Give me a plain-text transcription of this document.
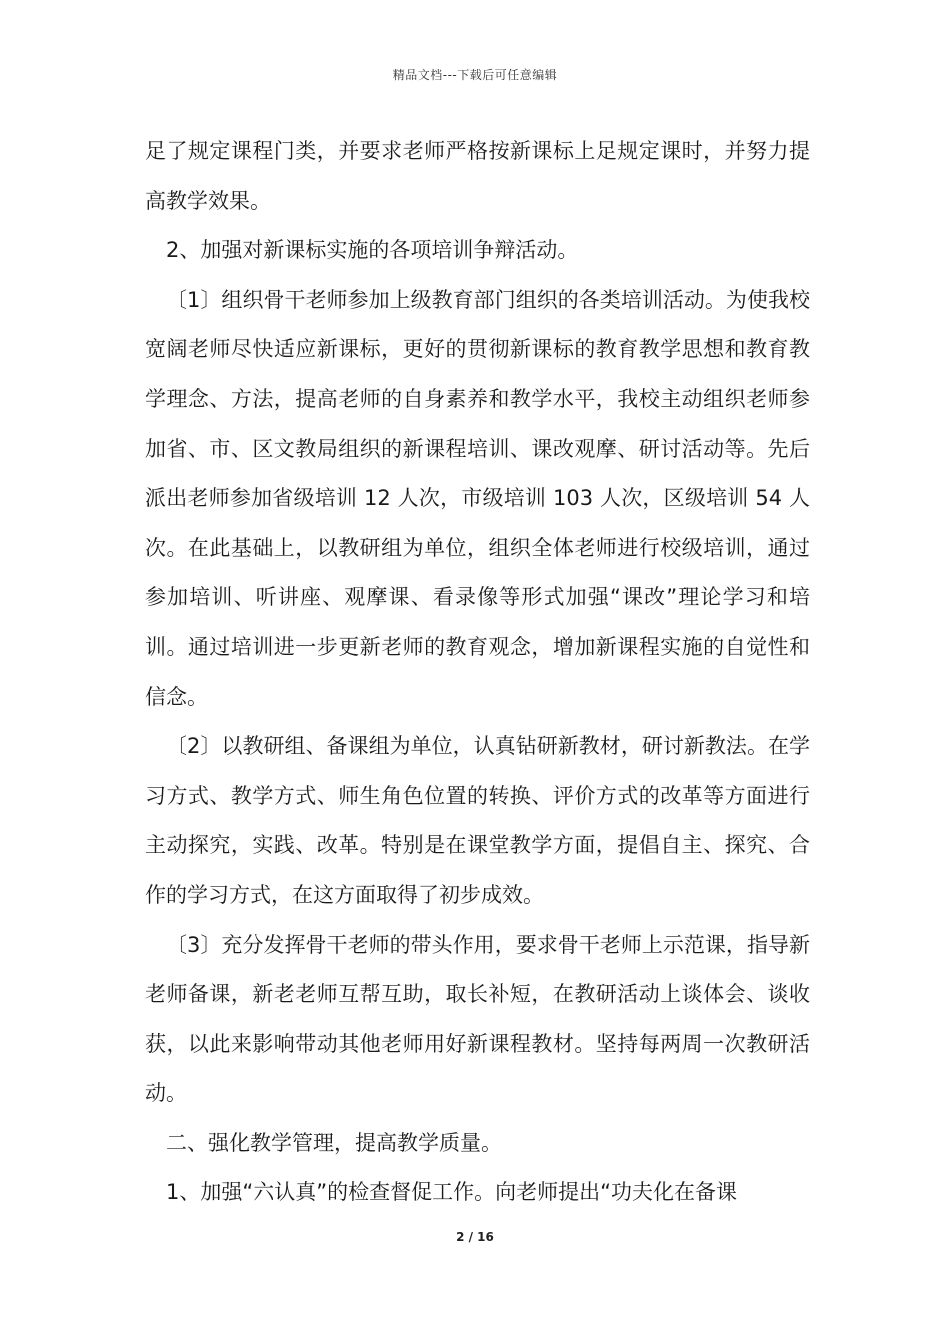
精品文档---下载后可任意编辑

足了规定课程门类，并要求老师严格按新课标上足规定课时，并努力提高教学效果。

2、加强对新课标实施的各项培训争辩活动。

〔1〕组织骨干老师参加上级教育部门组织的各类培训活动。为使我校宽阔老师尽快适应新课标，更好的贯彻新课标的教育教学思想和教育教学理念、方法，提高老师的自身素养和教学水平，我校主动组织老师参加省、市、区文教局组织的新课程培训、课改观摩、研讨活动等。先后派出老师参加省级培训 12 人次，市级培训 103 人次，区级培训 54 人次。在此基础上，以教研组为单位，组织全体老师进行校级培训，通过参加培训、听讲座、观摩课、看录像等形式加强“课改”理论学习和培训。通过培训进一步更新老师的教育观念，增加新课程实施的自觉性和信念。

〔2〕以教研组、备课组为单位，认真钻研新教材，研讨新教法。在学习方式、教学方式、师生角色位置的转换、评价方式的改革等方面进行主动探究，实践、改革。特别是在课堂教学方面，提倡自主、探究、合作的学习方式，在这方面取得了初步成效。

〔3〕充分发挥骨干老师的带头作用，要求骨干老师上示范课，指导新老师备课，新老老师互帮互助，取长补短，在教研活动上谈体会、谈收获，以此来影响带动其他老师用好新课程教材。坚持每两周一次教研活动。

二、强化教学管理，提高教学质量。

1、加强“六认真”的检查督促工作。向老师提出“功夫化在备课

2 / 16
